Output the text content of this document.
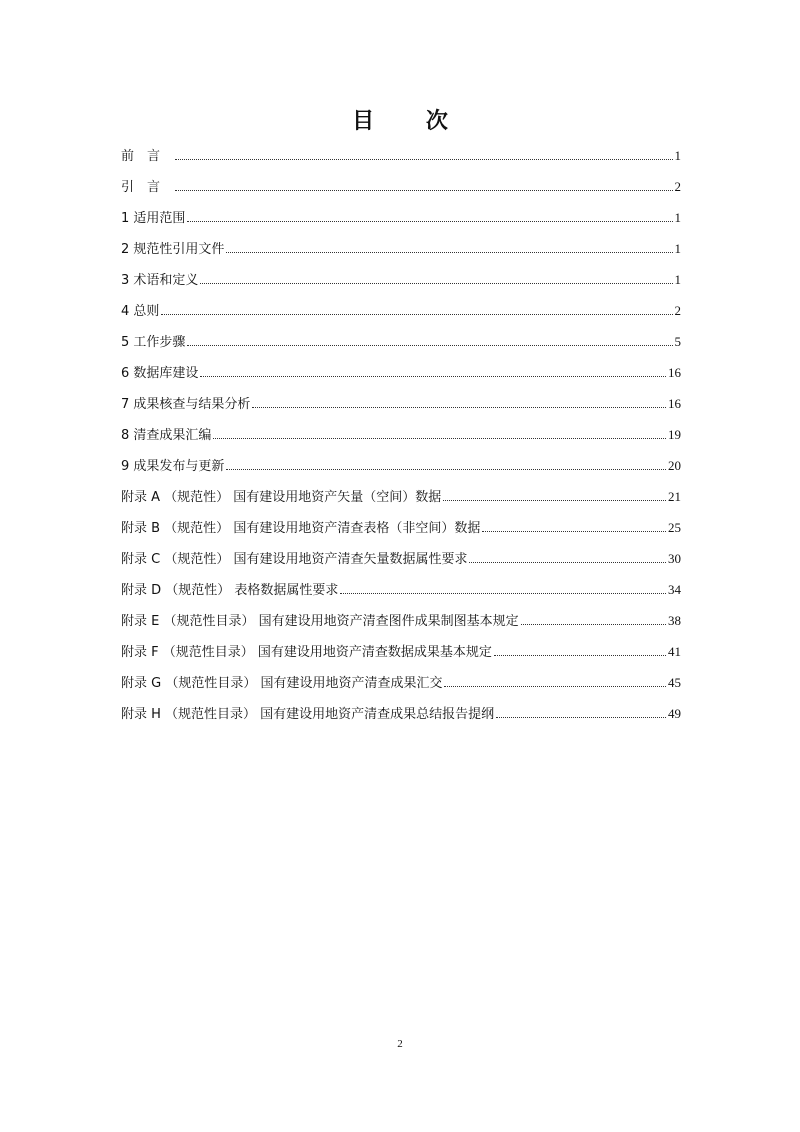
目 次
前言	1
引言	2
1 适用范围	1
2 规范性引用文件	1
3 术语和定义	1
4 总则	2
5 工作步骤	5
6 数据库建设	16
7 成果核查与结果分析	16
8 清查成果汇编	19
9 成果发布与更新	20
附录 A （规范性） 国有建设用地资产矢量（空间）数据	21
附录 B （规范性） 国有建设用地资产清查表格（非空间）数据	25
附录 C （规范性） 国有建设用地资产清查矢量数据属性要求	30
附录 D （规范性） 表格数据属性要求	34
附录 E （规范性目录） 国有建设用地资产清查图件成果制图基本规定	38
附录 F （规范性目录） 国有建设用地资产清查数据成果基本规定	41
附录 G （规范性目录） 国有建设用地资产清查成果汇交	45
附录 H （规范性目录） 国有建设用地资产清查成果总结报告提纲	49
2
